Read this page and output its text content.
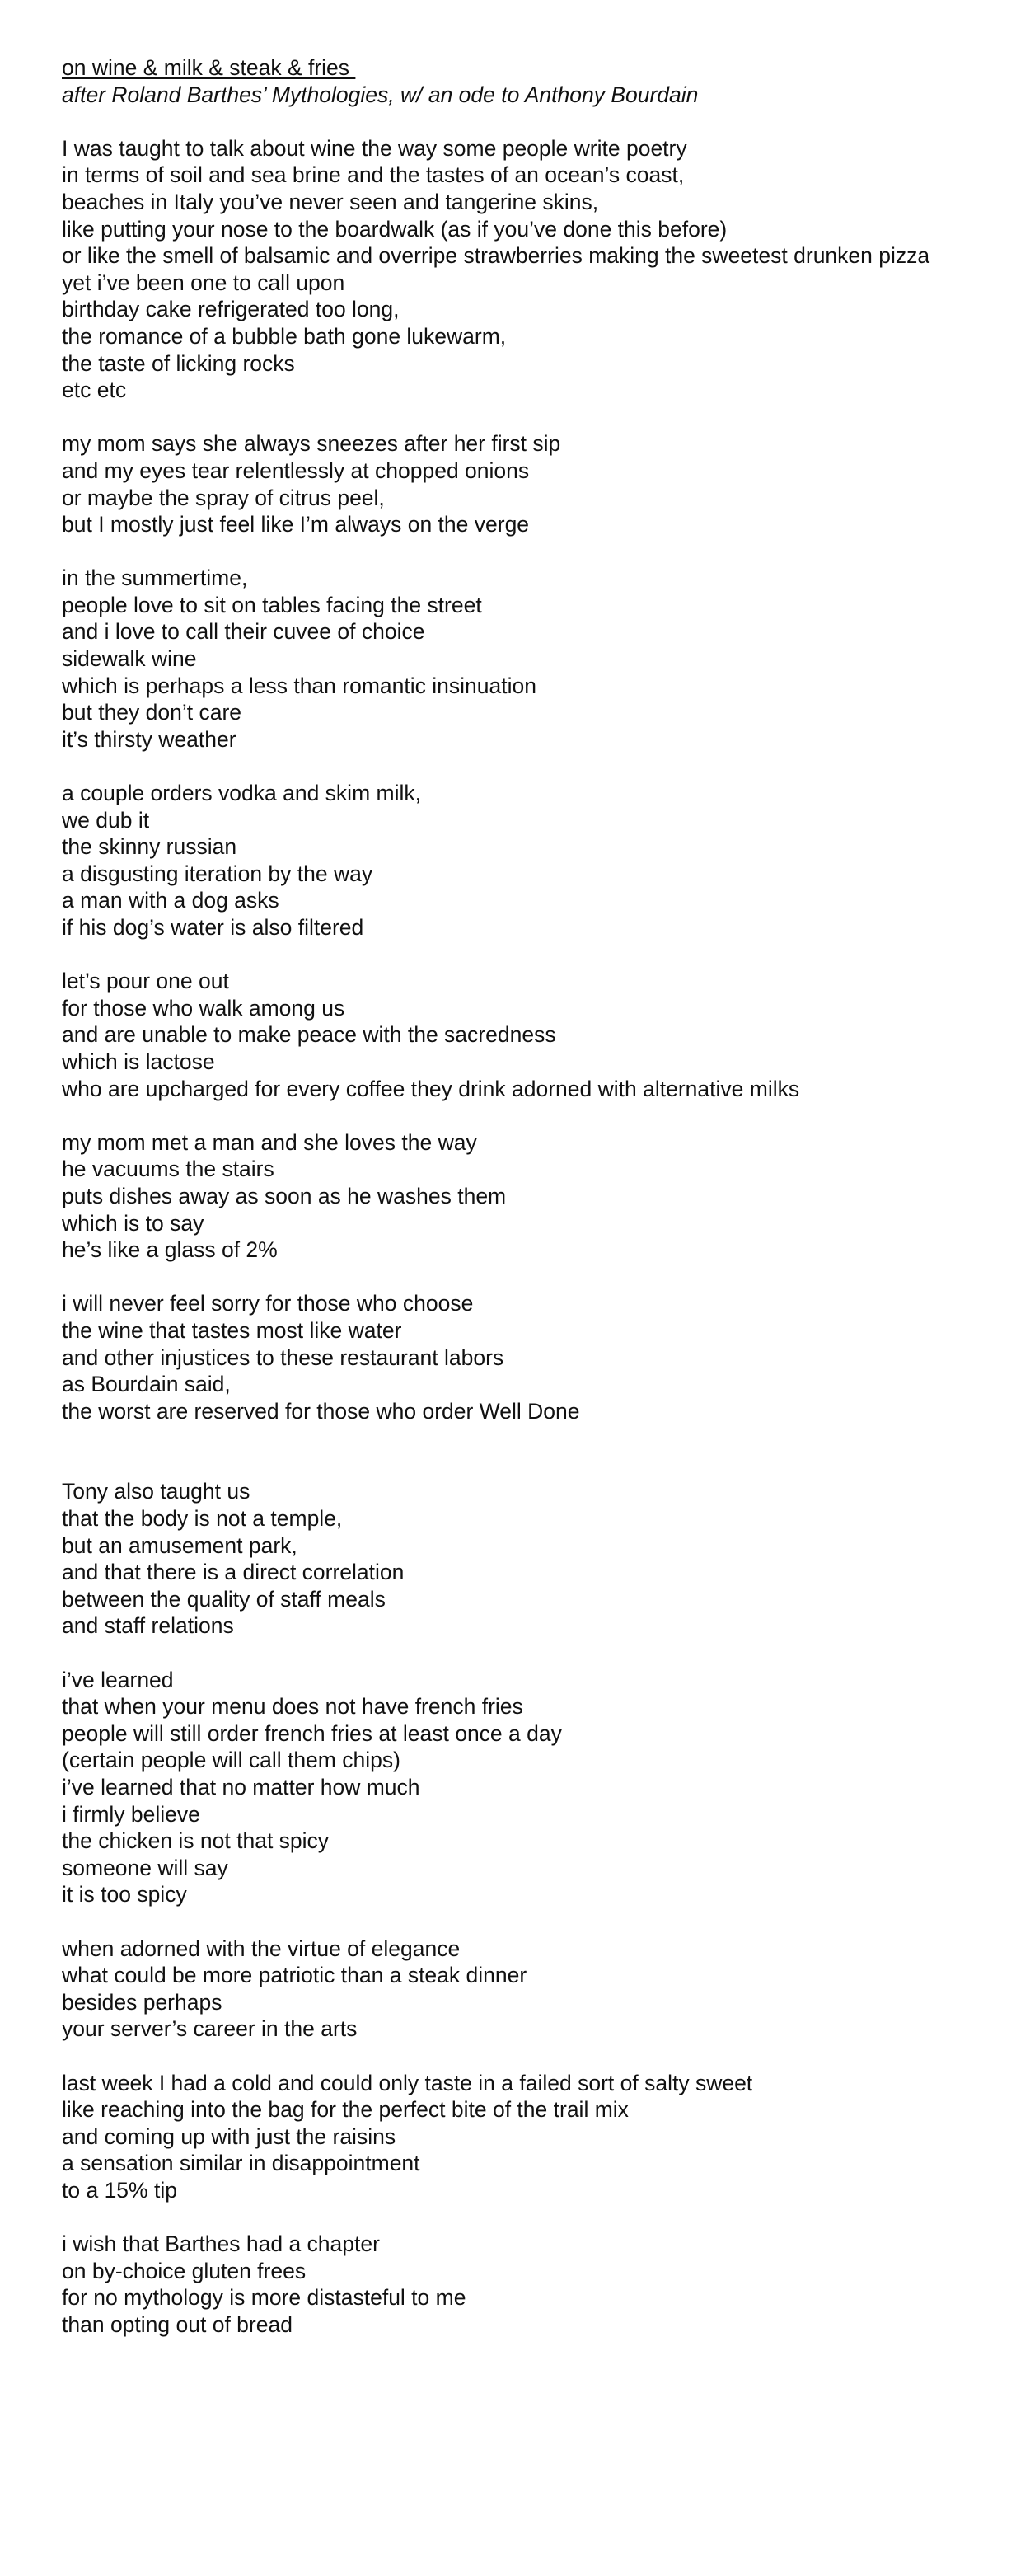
on wine & milk & steak & fries
after Roland Barthes’ Mythologies, w/ an ode to Anthony Bourdain
I was taught to talk about wine the way some people write poetry
in terms of soil and sea brine and the tastes of an ocean’s coast,
beaches in Italy you’ve never seen and tangerine skins,
like putting your nose to the boardwalk (as if you’ve done this before)
or like the smell of balsamic and overripe strawberries making the sweetest drunken pizza
yet i’ve been one to call upon
birthday cake refrigerated too long,
the romance of a bubble bath gone lukewarm,
the taste of licking rocks
etc etc
my mom says she always sneezes after her first sip
and my eyes tear relentlessly at chopped onions
or maybe the spray of citrus peel,
but I mostly just feel like I’m always on the verge
in the summertime,
people love to sit on tables facing the street
and i love to call their cuvee of choice
sidewalk wine
which is perhaps a less than romantic insinuation
but they don’t care
it’s thirsty weather
a couple orders vodka and skim milk,
we dub it
the skinny russian
a disgusting iteration by the way
a man with a dog asks
if his dog’s water is also filtered
let’s pour one out
for those who walk among us
and are unable to make peace with the sacredness
which is lactose
who are upcharged for every coffee they drink adorned with alternative milks
my mom met a man and she loves the way
he vacuums the stairs
puts dishes away as soon as he washes them
which is to say
he’s like a glass of 2%
i will never feel sorry for those who choose
the wine that tastes most like water
and other injustices to these restaurant labors
as Bourdain said,
the worst are reserved for those who order Well Done
Tony also taught us
that the body is not a temple,
but an amusement park,
and that there is a direct correlation
between the quality of staff meals
and staff relations
i’ve learned
that when your menu does not have french fries
people will still order french fries at least once a day
(certain people will call them chips)
i’ve learned that no matter how much
i firmly believe
the chicken is not that spicy
someone will say
it is too spicy
when adorned with the virtue of elegance
what could be more patriotic than a steak dinner
besides perhaps
your server’s career in the arts
last week I had a cold and could only taste in a failed sort of salty sweet
like reaching into the bag for the perfect bite of the trail mix
and coming up with just the raisins
a sensation similar in disappointment
to a 15% tip
i wish that Barthes had a chapter
on by-choice gluten frees
for no mythology is more distasteful to me
than opting out of bread
